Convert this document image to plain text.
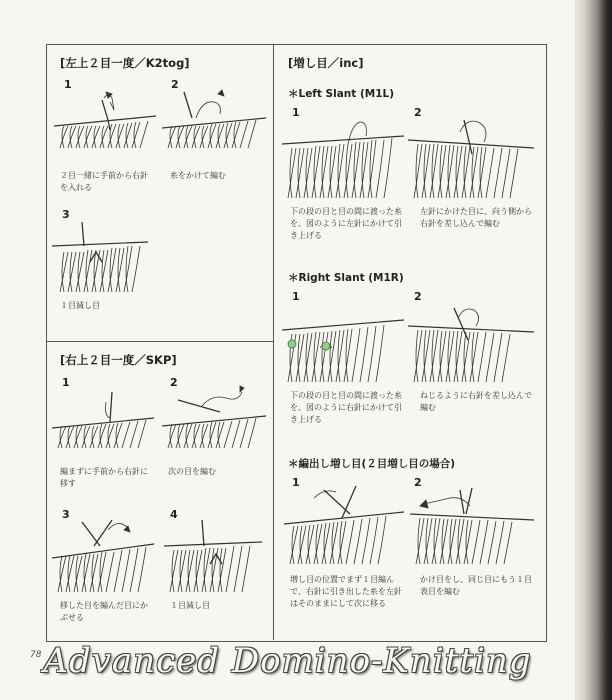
[左上２目一度／K2tog]
1
２目一緒に手前から右針を入れる
2
糸をかけて編む
3
１目減し目
[右上２目一度／SKP]
1
編まずに手前から右針に移す
2
次の目を編む
3
移した目を編んだ目にかぶせる
4
１目減し目
[増し目／inc]
＊Left Slant (M1L)
1
下の段の目と目の間に渡った糸を、図のように左針にかけて引き上げる
2
左針にかけた目に、向う側から右針を差し込んで編む
＊Right Slant (M1R)
1
下の段の目と目の間に渡った糸を、図のように右針にかけて引き上げる
2
ねじるように右針を差し込んで編む
＊編出し増し目(２目増し目の場合)
1
増し目の位置でまず１目編んで、右針に引き出した糸を左針はそのままにして次に移る
2
かけ目をし、同じ目にもう１目表目を編む
78 Advanced Domino-Knitting
